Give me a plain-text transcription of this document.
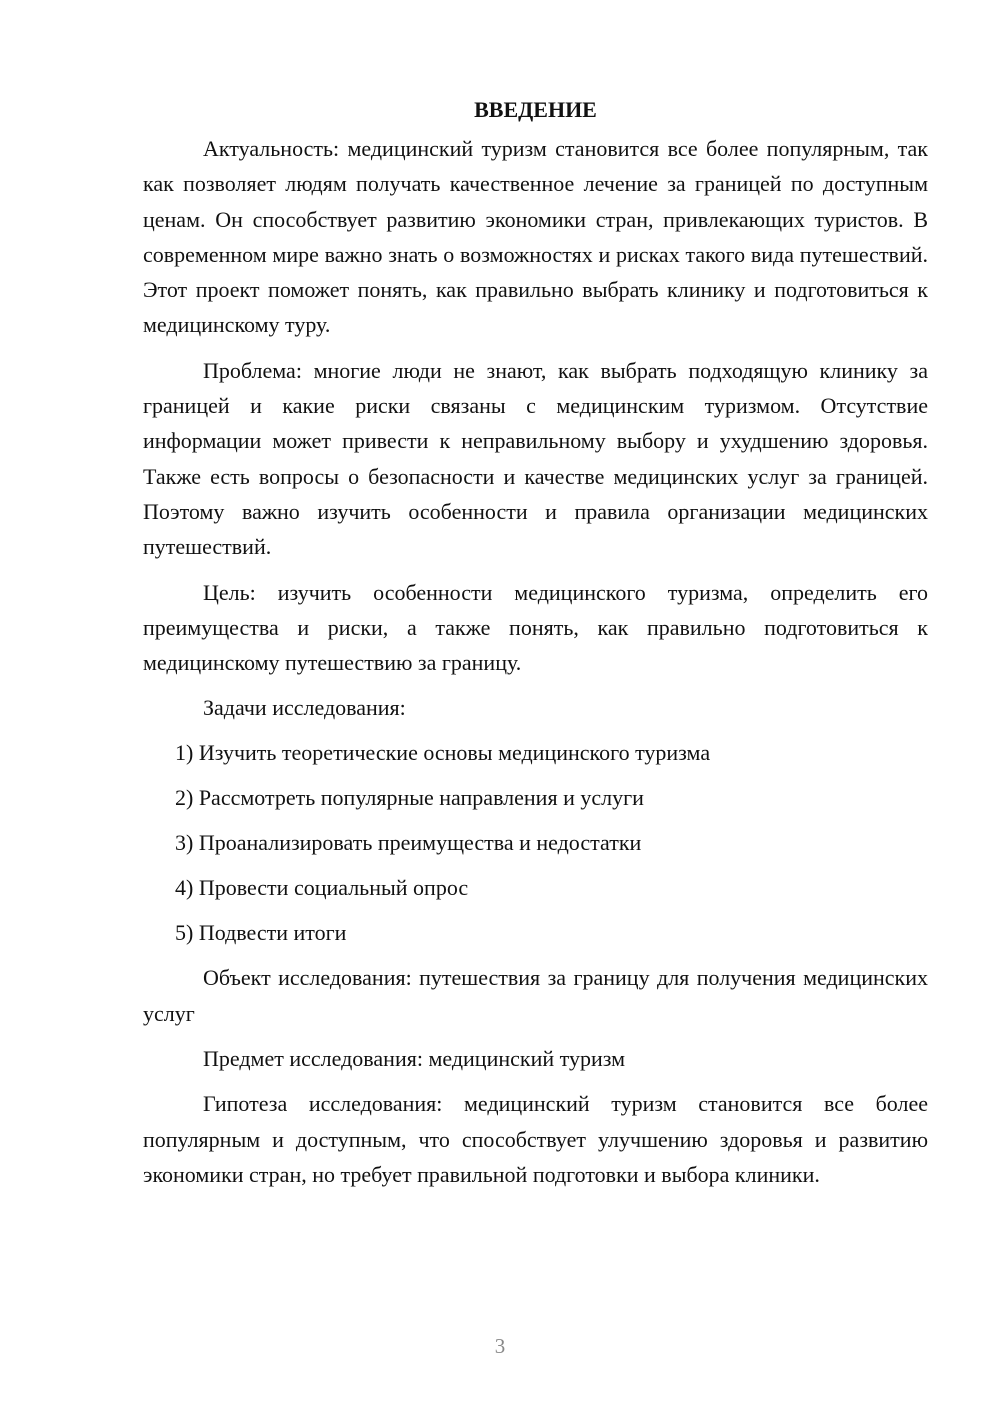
ВВЕДЕНИЕ

Актуальность: медицинский туризм становится все более популярным, так как позволяет людям получать качественное лечение за границей по доступным ценам. Он способствует развитию экономики стран, привлекающих туристов. В современном мире важно знать о возможностях и рисках такого вида путешествий. Этот проект поможет понять, как правильно выбрать клинику и подготовиться к медицинскому туру.

Проблема: многие люди не знают, как выбрать подходящую клинику за границей и какие риски связаны с медицинским туризмом. Отсутствие информации может привести к неправильному выбору и ухудшению здоровья. Также есть вопросы о безопасности и качестве медицинских услуг за границей. Поэтому важно изучить особенности и правила организации медицинских путешествий.

Цель: изучить особенности медицинского туризма, определить его преимущества и риски, а также понять, как правильно подготовиться к медицинскому путешествию за границу.

Задачи исследования:
1) Изучить теоретические основы медицинского туризма
2) Рассмотреть популярные направления и услуги
3) Проанализировать преимущества и недостатки
4) Провести социальный опрос
5) Подвести итоги

Объект исследования: путешествия за границу для получения медицинских услуг

Предмет исследования: медицинский туризм

Гипотеза исследования: медицинский туризм становится все более популярным и доступным, что способствует улучшению здоровья и развитию экономики стран, но требует правильной подготовки и выбора клиники.

3
